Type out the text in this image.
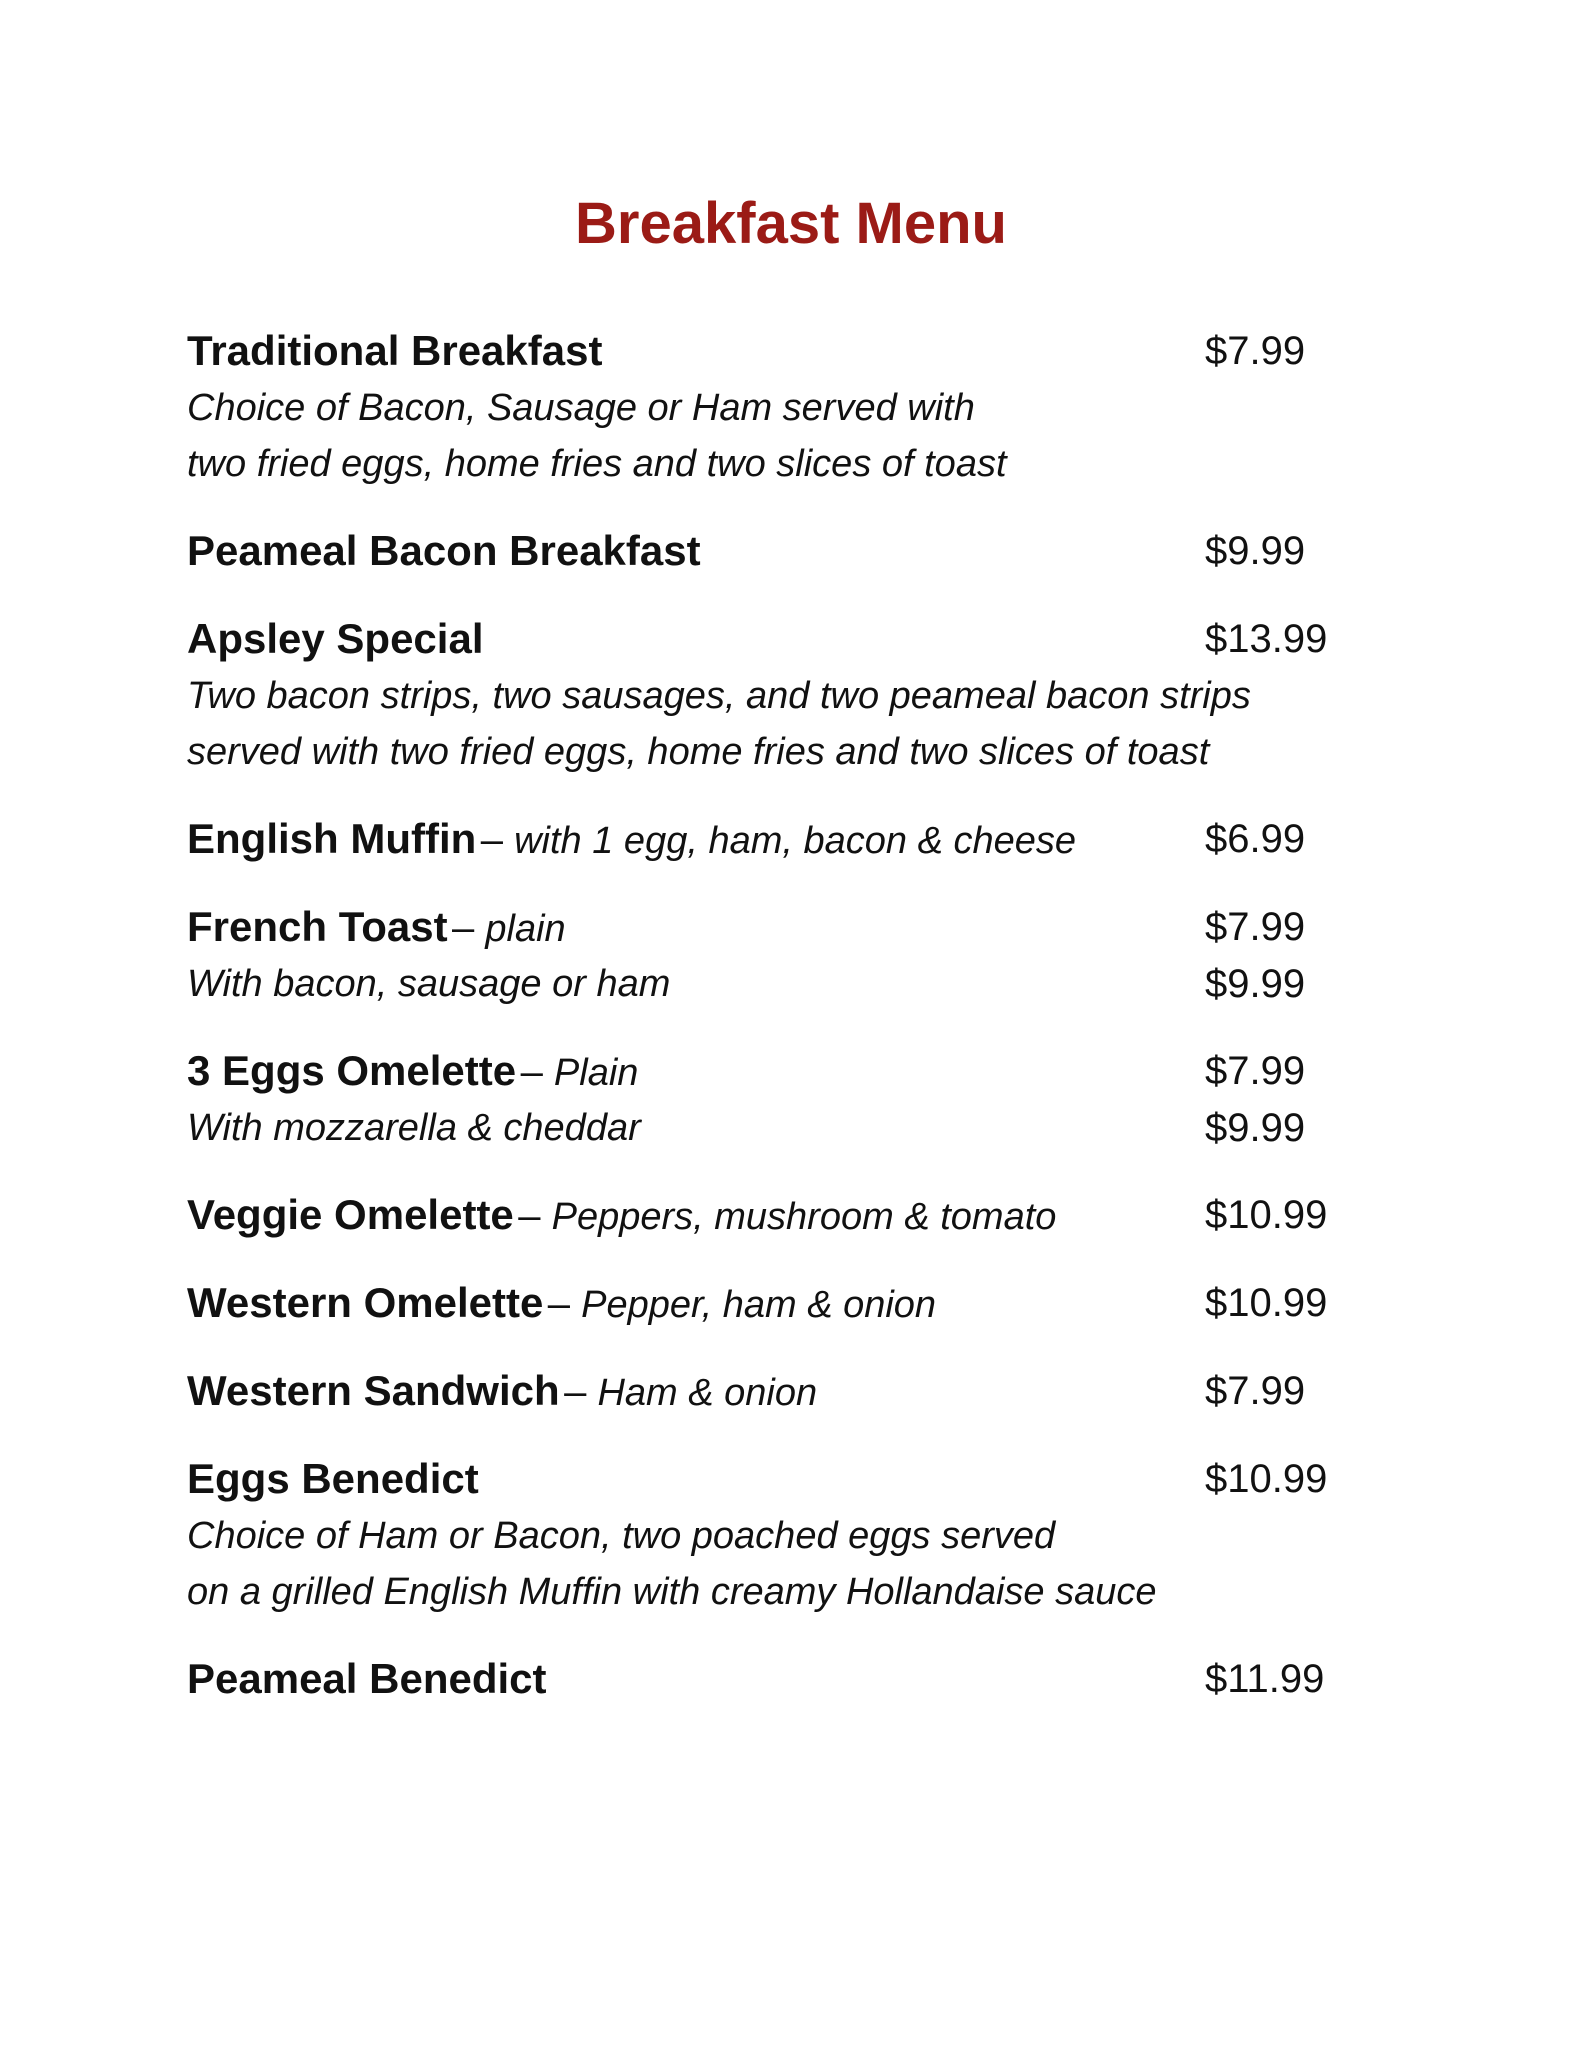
Breakfast Menu
Traditional Breakfast	$7.99
Choice of Bacon, Sausage or Ham served with
two fried eggs, home fries and two slices of toast
Peameal Bacon Breakfast	$9.99
Apsley Special	$13.99
Two bacon strips, two sausages, and two peameal bacon strips
served with two fried eggs, home fries and two slices of toast
English Muffin – with 1 egg, ham, bacon & cheese	$6.99
French Toast – plain	$7.99
With bacon, sausage or ham	$9.99
3 Eggs Omelette – Plain	$7.99
With mozzarella & cheddar	$9.99
Veggie Omelette – Peppers, mushroom & tomato	$10.99
Western Omelette – Pepper, ham & onion	$10.99
Western Sandwich – Ham & onion	$7.99
Eggs Benedict	$10.99
Choice of Ham or Bacon, two poached eggs served
on a grilled English Muffin with creamy Hollandaise sauce
Peameal Benedict	$11.99
